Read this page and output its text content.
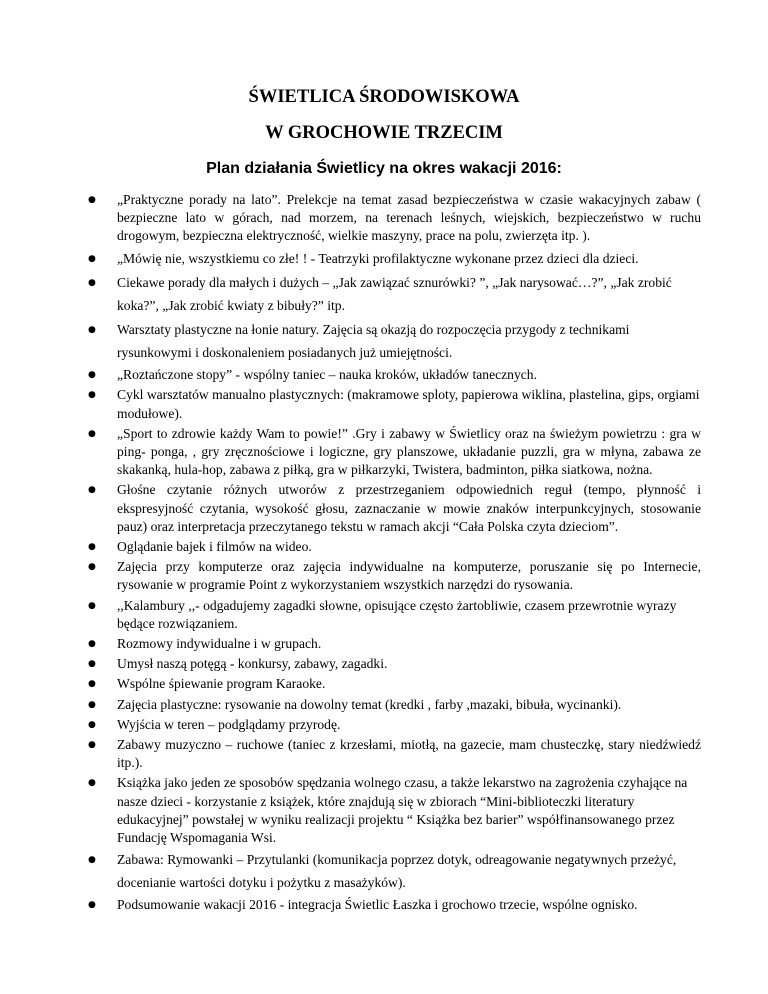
ŚWIETLICA ŚRODOWISKOWA
W GROCHOWIE TRZECIM
Plan działania Świetlicy na okres wakacji 2016:
● „Praktyczne porady na lato”. Prelekcje na temat zasad bezpieczeństwa w czasie wakacyjnych zabaw ( bezpieczne lato w górach, nad morzem, na terenach leśnych, wiejskich, bezpieczeństwo w ruchu drogowym, bezpieczna elektryczność, wielkie maszyny, prace na polu, zwierzęta itp. ).
● „Mówię nie, wszystkiemu co złe! ! - Teatrzyki profilaktyczne wykonane przez dzieci dla dzieci.
● Ciekawe porady dla małych i dużych – „Jak zawiązać sznurówki? ”, „Jak narysować…?”, „Jak zrobić koka?”, „Jak zrobić kwiaty z bibuły?” itp.
● Warsztaty plastyczne na łonie natury. Zajęcia są okazją do rozpoczęcia przygody z technikami rysunkowymi i doskonaleniem posiadanych już umiejętności.
● „Roztańczone stopy” - wspólny taniec – nauka kroków, układów tanecznych.
● Cykl warsztatów manualno plastycznych: (makramowe sploty, papierowa wiklina, plastelina, gips, orgiami modułowe).
● „Sport to zdrowie każdy Wam to powie!” .Gry i zabawy w Świetlicy oraz na świeżym powietrzu : gra w ping- ponga, , gry zręcznościowe i logiczne, gry planszowe, układanie puzzli, gra w młyna, zabawa ze skakanką, hula-hop, zabawa z piłką, gra w piłkarzyki, Twistera, badminton, piłka siatkowa, nożna.
● Głośne czytanie różnych utworów z przestrzeganiem odpowiednich reguł (tempo, płynność i ekspresyjność czytania, wysokość głosu, zaznaczanie w mowie znaków interpunkcyjnych, stosowanie pauz) oraz interpretacja przeczytanego tekstu w ramach akcji “Cała Polska czyta dzieciom”.
● Oglądanie bajek i filmów na wideo.
● Zajęcia przy komputerze oraz zajęcia indywidualne na komputerze, poruszanie się po Internecie, rysowanie w programie Point z wykorzystaniem wszystkich narzędzi do rysowania.
● ,,Kalambury ,,- odgadujemy zagadki słowne, opisujące często żartobliwie, czasem przewrotnie wyrazy będące rozwiązaniem.
● Rozmowy indywidualne i w grupach.
● Umysł naszą potęgą - konkursy, zabawy, zagadki.
● Wspólne śpiewanie program Karaoke.
● Zajęcia plastyczne: rysowanie na dowolny temat (kredki , farby ,mazaki, bibuła, wycinanki).
● Wyjścia w teren – podglądamy przyrodę.
● Zabawy muzyczno – ruchowe (taniec z krzesłami, miotłą, na gazecie, mam chusteczkę, stary niedźwiedź itp.).
● Książka jako jeden ze sposobów spędzania wolnego czasu, a także lekarstwo na zagrożenia czyhające na nasze dzieci - korzystanie z książek, które znajdują się w zbiorach “Mini-biblioteczki literatury edukacyjnej” powstałej w wyniku realizacji projektu “ Książka bez barier” współfinansowanego przez Fundację Wspomagania Wsi.
● Zabawa: Rymowanki – Przytulanki (komunikacja poprzez dotyk, odreagowanie negatywnych przeżyć, docenianie wartości dotyku i pożytku z masażyków).
● Podsumowanie wakacji 2016 - integracja Świetlic Łaszka i grochowo trzecie, wspólne ognisko.
